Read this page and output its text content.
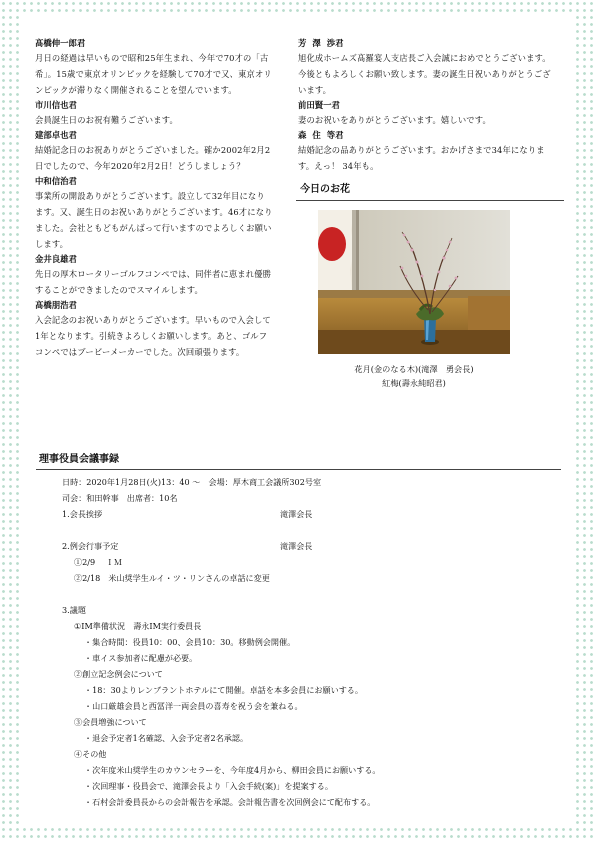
髙橋伸一郎君
月日の経過は早いもので昭和25年生まれ、今年で70才の「古希」。15歳で東京オリンピックを経験して70才で又、東京オリンピックが滞りなく開催されることを望んでいます。
市川信也君
会員誕生日のお祝有難うございます。
建部卓也君
結婚記念日のお祝ありがとうございました。確か2002年2月2日でしたので、今年2020年2月2日！どうしましょう？
中和信治君
事業所の開設ありがとうございます。設立して32年目になります。又、誕生日のお祝いありがとうございます。46才になりました。会社ともどもがんばって行いますのでよろしくお願いします。
金井良雄君
先日の厚木ロータリーゴルフコンペでは、同伴者に恵まれ優勝することができましたのでスマイルします。
髙橋朋浩君
入会記念のお祝いありがとうございます。早いもので入会して1年となります。引続きよろしくお願いします。あと、ゴルフコンペではブービーメーカーでした。次回頑張ります。
芳澤渉君
旭化成ホームズ髙羅宴人支店長ご入会誠におめでとうございます。今後ともよろしくお願い致します。妻の誕生日祝いありがとうございます。
前田賢一君
妻のお祝いをありがとうございます。嬉しいです。
森住等君
結婚記念の品ありがとうございます。おかげさまで34年になります。えっ！ 34年も。
今日のお花
花月(金のなる木)(滝澤　勇会長)
紅梅(壽永純昭君)
理事役員会議事録
日時：2020年1月28日(火)13：40 ～　会場：厚木商工会議所302号室
司会：和田幹事　出席者：10名
1.会長挨拶	滝澤会長
2.例会行事予定	滝澤会長
①2/9　 ＩＭ
②2/18　米山奨学生ルイ・ツ・リンさんの卓話に変更
3.議題
①IM準備状況　壽永IM実行委員長
・集合時間：役員10：00、会員10：30。移動例会開催。
・車イス参加者に配慮が必要。
②創立記念例会について
・18：30よりレンブラントホテルにて開催。卓話を本多会員にお願いする。
・山口厳雄会員と西冨洋一両会員の喜寿を祝う会を兼ねる。
③会員増強について
・退会予定者1名確認、入会予定者2名承認。
④その他
・次年度米山奨学生のカウンセラーを、今年度4月から、柳田会員にお願いする。
・次回理事・役員会で、滝澤会長より「入会手続(案)」を提案する。
・石村会計委員長からの会計報告を承認。会計報告書を次回例会にて配布する。
